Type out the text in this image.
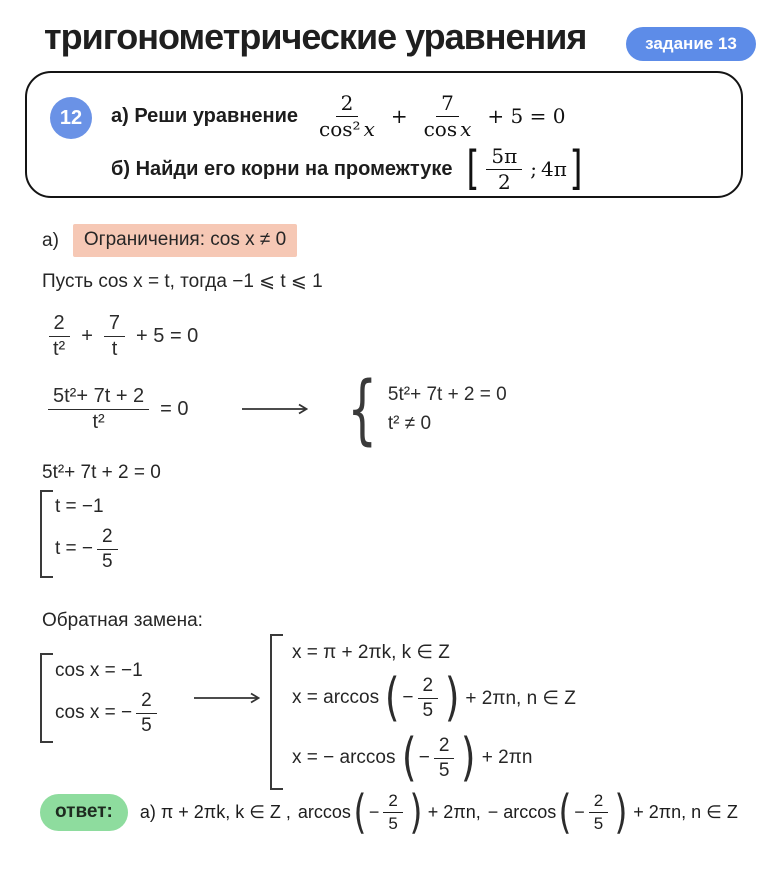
тригонометрические уравнения	задание 13
12	а) Реши уравнение $\frac{2}{\text{cos² x}} + \frac{7}{\text{cos x}} + 5 = 0$
б) Найди его корни на промежтуке [ $\frac{5\pi}{2}$ ; 4π ]
а)	Ограничения: cos x ≠ 0
Пусть cos x = t, тогда −1 ⩽ t ⩽ 1
$\frac{2}{\text{t²}} + \frac{7}{t} + 5 = 0$
$\frac{\text{5t²+ 7t + 2}}{\text{t²}} = 0$ { 5t²+ 7t + 2 = 0
t² ≠ 0
5t²+ 7t + 2 = 0
t = −1
t = − $\frac{2}{5}$
Обратная замена:
cos x = −1
cos x = − $\frac{2}{5}$
x = π + 2πk, k ∈ Z
x = arccos ( − $\frac{2}{5}$ ) + 2πn, n ∈ Z
x = − arccos ( − $\frac{2}{5}$ ) + 2πn
ответ:	а) π + 2πk, k ∈ Z , arccos ( − $\frac{2}{5}$ ) + 2πn, − arccos ( − $\frac{2}{5}$ ) + 2πn, n ∈ Z
